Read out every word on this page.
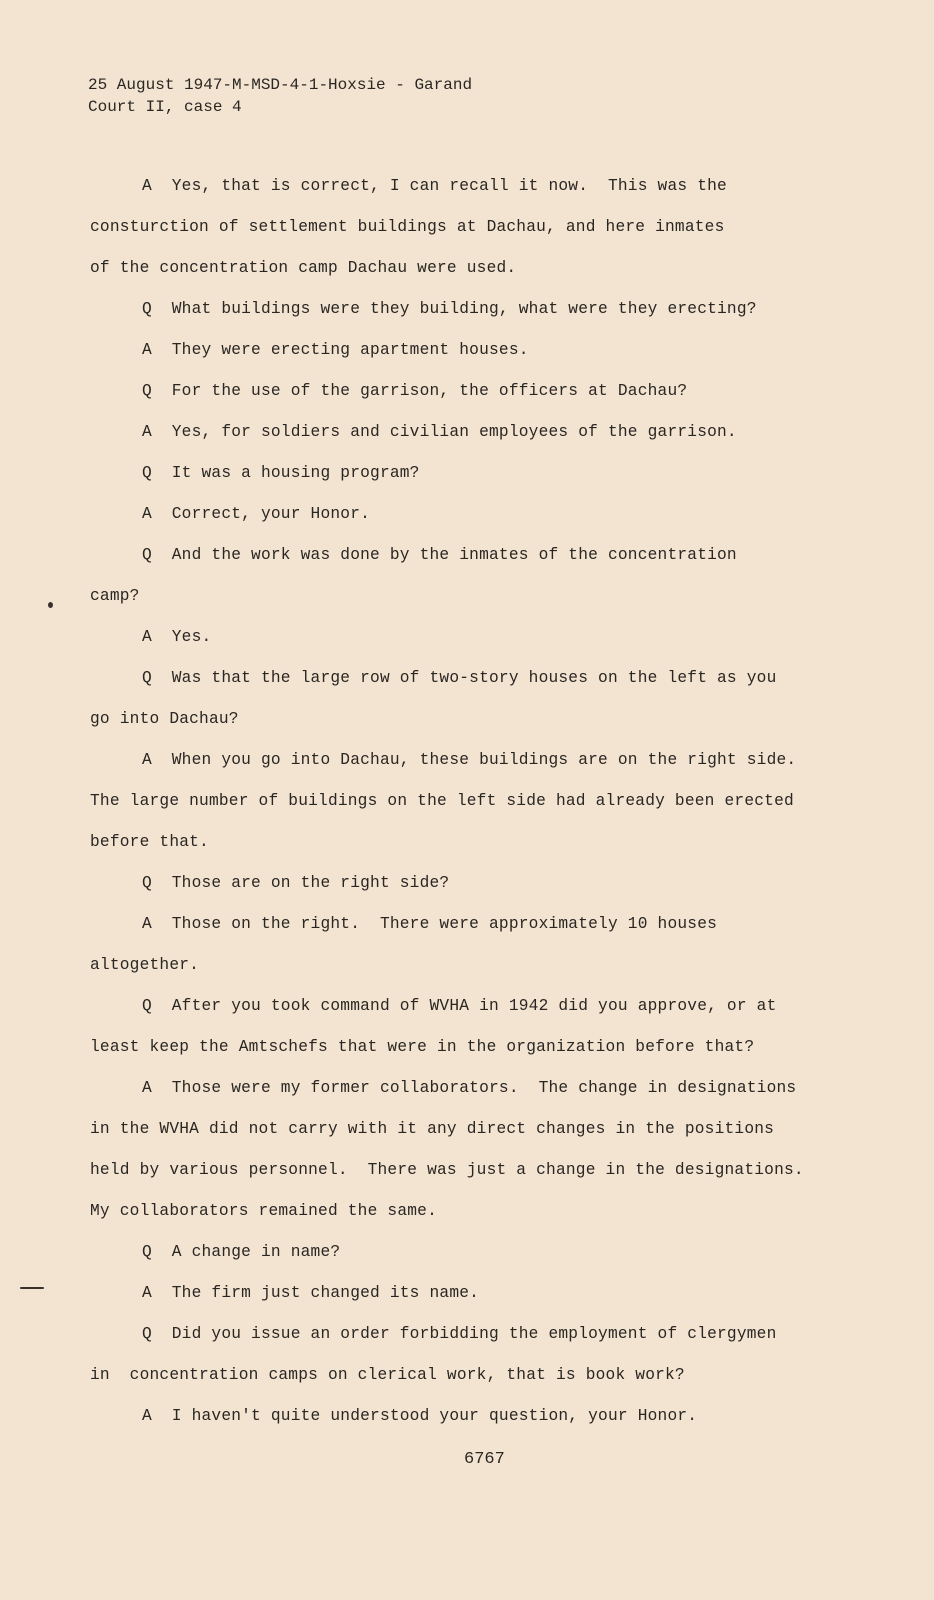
25 August 1947-M-MSD-4-1-Hoxsie - Garand
Court II, case 4
A  Yes, that is correct, I can recall it now.  This was the
consturction of settlement buildings at Dachau, and here inmates
of the concentration camp Dachau were used.
Q  What buildings were they building, what were they erecting?
A  They were erecting apartment houses.
Q  For the use of the garrison, the officers at Dachau?
A  Yes, for soldiers and civilian employees of the garrison.
Q  It was a housing program?
A  Correct, your Honor.
Q  And the work was done by the inmates of the concentration
camp?
A  Yes.
Q  Was that the large row of two-story houses on the left as you
go into Dachau?
A  When you go into Dachau, these buildings are on the right side.
The large number of buildings on the left side had already been erected
before that.
Q  Those are on the right side?
A  Those on the right.  There were approximately 10 houses
altogether.
Q  After you took command of WVHA in 1942 did you approve, or at
least keep the Amtschefs that were in the organization before that?
A  Those were my former collaborators.  The change in designations
in the WVHA did not carry with it any direct changes in the positions
held by various personnel.  There was just a change in the designations.
My collaborators remained the same.
Q  A change in name?
A  The firm just changed its name.
Q  Did you issue an order forbidding the employment of clergymen
in  concentration camps on clerical work, that is book work?
A  I haven't quite understood your question, your Honor.
6767
